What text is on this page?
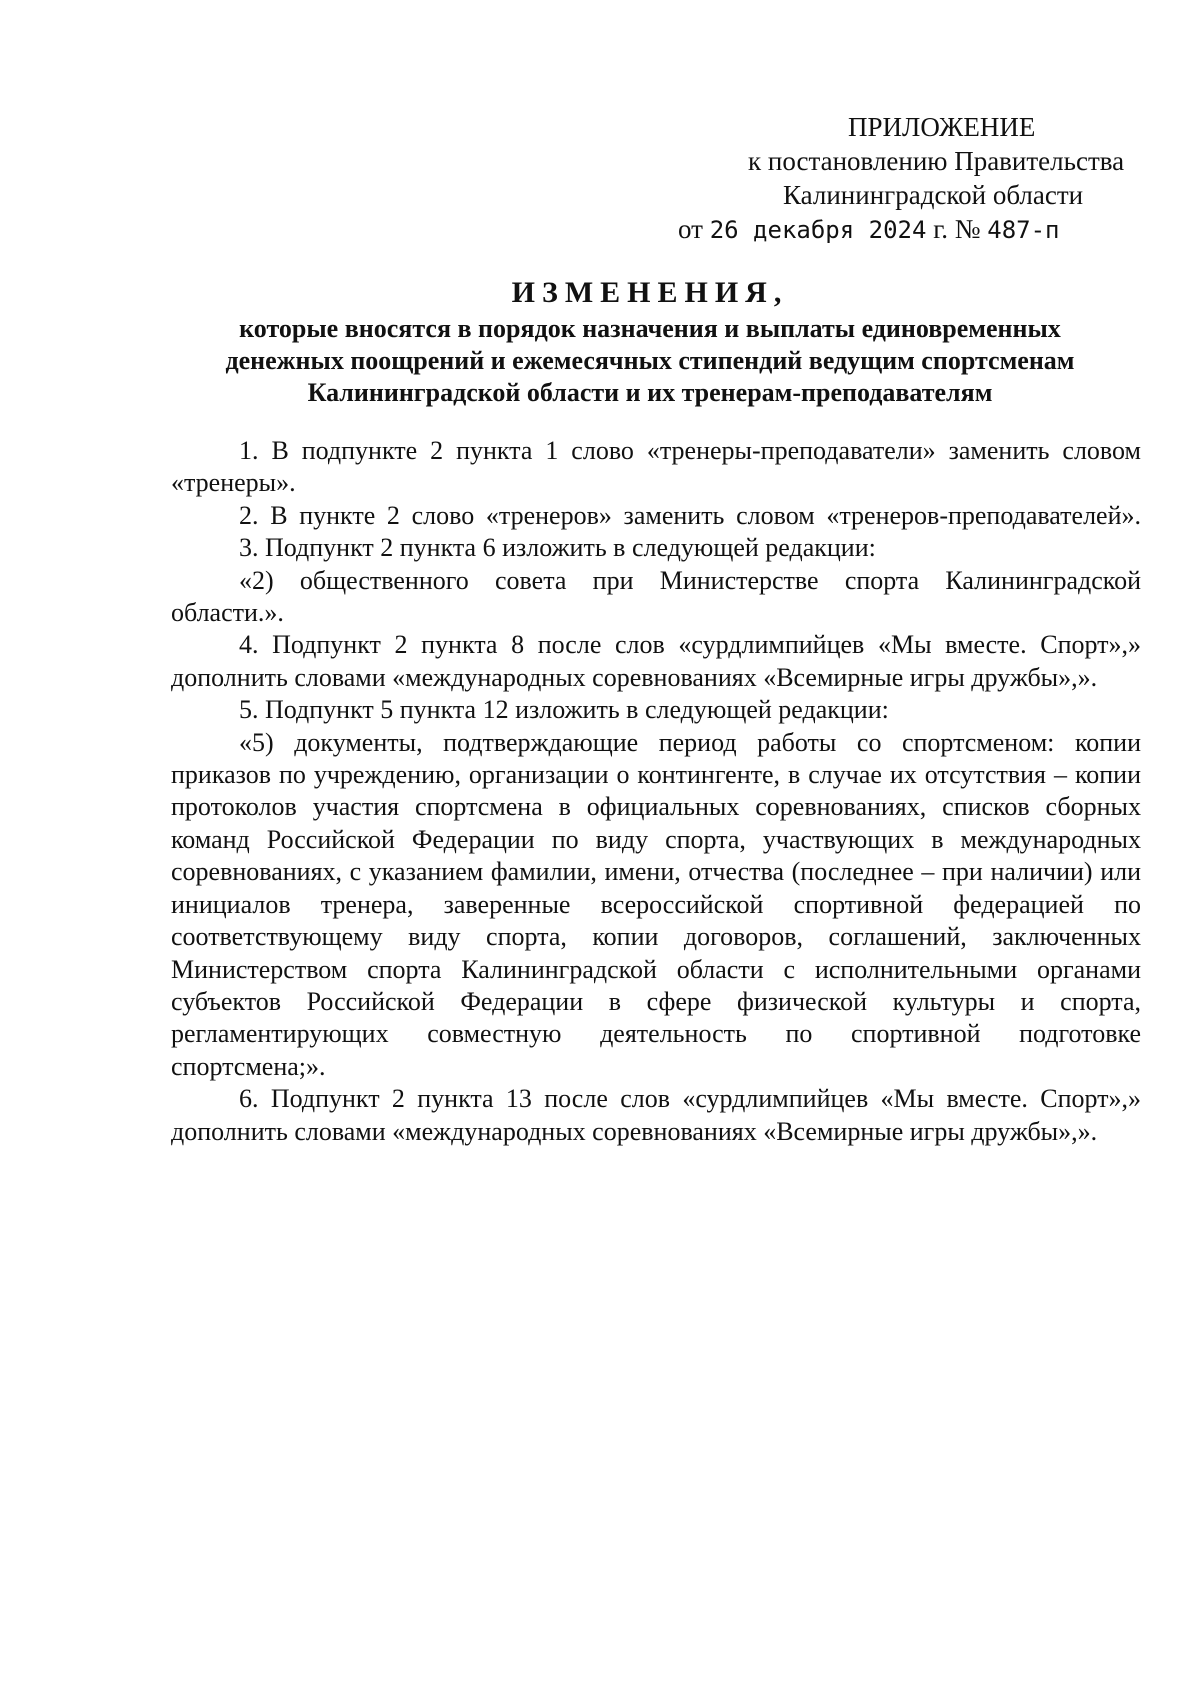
ПРИЛОЖЕНИЕ
к постановлению Правительства
Калининградской области
от 26 декабря 2024 г. № 487-п
ИЗМЕНЕНИЯ,
которые вносятся в порядок назначения и выплаты единовременных
денежных поощрений и ежемесячных стипендий ведущим спортсменам
Калининградской области и их тренерам-преподавателям

1. В подпункте 2 пункта 1 слово «тренеры-преподаватели» заменить словом «тренеры».

2. В пункте 2 слово «тренеров» заменить словом «тренеров-преподавателей».

3. Подпункт 2 пункта 6 изложить в следующей редакции:

«2) общественного совета при Министерстве спорта Калининградской области.».

4. Подпункт 2 пункта 8 после слов «сурдлимпийцев «Мы вместе. Спорт»,» дополнить словами «международных соревнованиях «Всемирные игры дружбы»,».

5. Подпункт 5 пункта 12 изложить в следующей редакции:

«5) документы, подтверждающие период работы со спортсменом: копии приказов по учреждению, организации о контингенте, в случае их отсутствия – копии протоколов участия спортсмена в официальных соревнованиях, списков сборных команд Российской Федерации по виду спорта, участвующих в международных соревнованиях, с указанием фамилии, имени, отчества (последнее – при наличии) или инициалов тренера, заверенные всероссийской спортивной федерацией по соответствующему виду спорта, копии договоров, соглашений, заключенных Министерством спорта Калининградской области с исполнительными органами субъектов Российской Федерации в сфере физической культуры и спорта, регламентирующих совместную деятельность по спортивной подготовке спортсмена;».

6. Подпункт 2 пункта 13 после слов «сурдлимпийцев «Мы вместе. Спорт»,» дополнить словами «международных соревнованиях «Всемирные игры дружбы»,».
